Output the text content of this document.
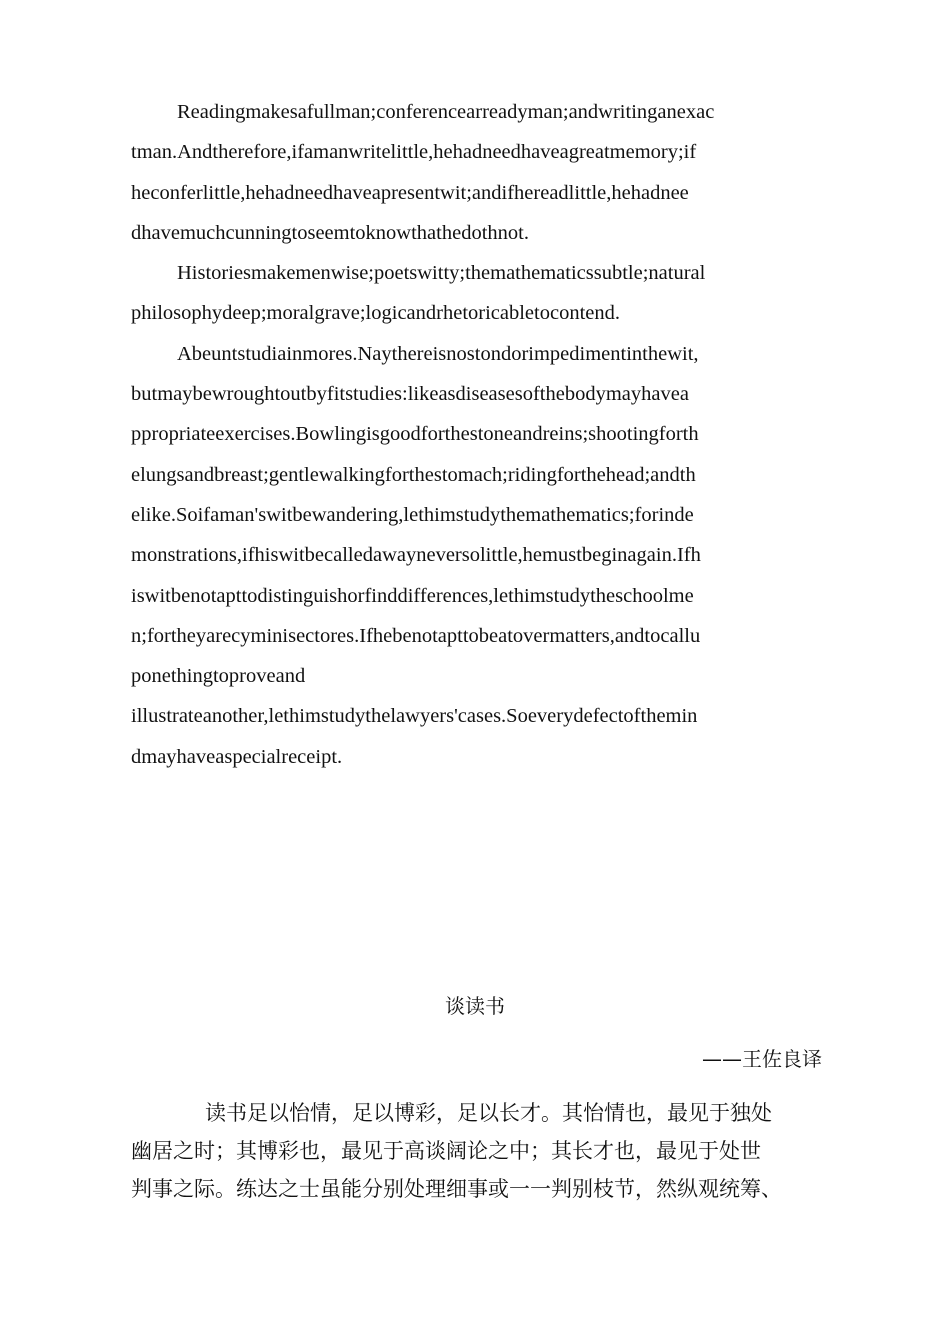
Readingmakesafullman;conferencearreadyman;andwritinganexac
tman.Andtherefore,ifamanwritelittle,hehadneedhaveagreatmemory;if
heconferlittle,hehadneedhaveapresentwit;andifhereadlittle,hehadnee
dhavemuchcunningtoseemtoknowthathedothnot.
Historiesmakemenwise;poetswitty;themathematicssubtle;natural
philosophydeep;moralgrave;logicandrhetoricabletocontend.
Abeuntstudiainmores.Naythereisnostondorimpedimentinthewit,
butmaybewroughtoutbyfitstudies:likeasdiseasesofthebodymayhavea
ppropriateexercises.Bowlingisgoodforthestoneandreins;shootingforth
elungsandbreast;gentlewalkingforthestomach;ridingforthehead;andth
elike.Soifaman'switbewandering,lethimstudythemathematics;forinde
monstrations,ifhiswitbecalledawayneversolittle,hemustbeginagain.Ifh
iswitbenotapttodistinguishorfinddifferences,lethimstudytheschoolme
n;fortheyarecyminisectores.Ifhebenotapttobeatovermatters,andtocallu
ponethingtoproveand
illustrateanother,lethimstudythelawyers'cases.Soeverydefectofthemin
dmayhaveaspecialreceipt.
谈读书
——王佐良译
读书足以怡情，足以博彩，足以长才。其怡情也，最见于独处
幽居之时；其博彩也，最见于高谈阔论之中；其长才也，最见于处世
判事之际。练达之士虽能分别处理细事或一一判别枝节，然纵观统筹、
